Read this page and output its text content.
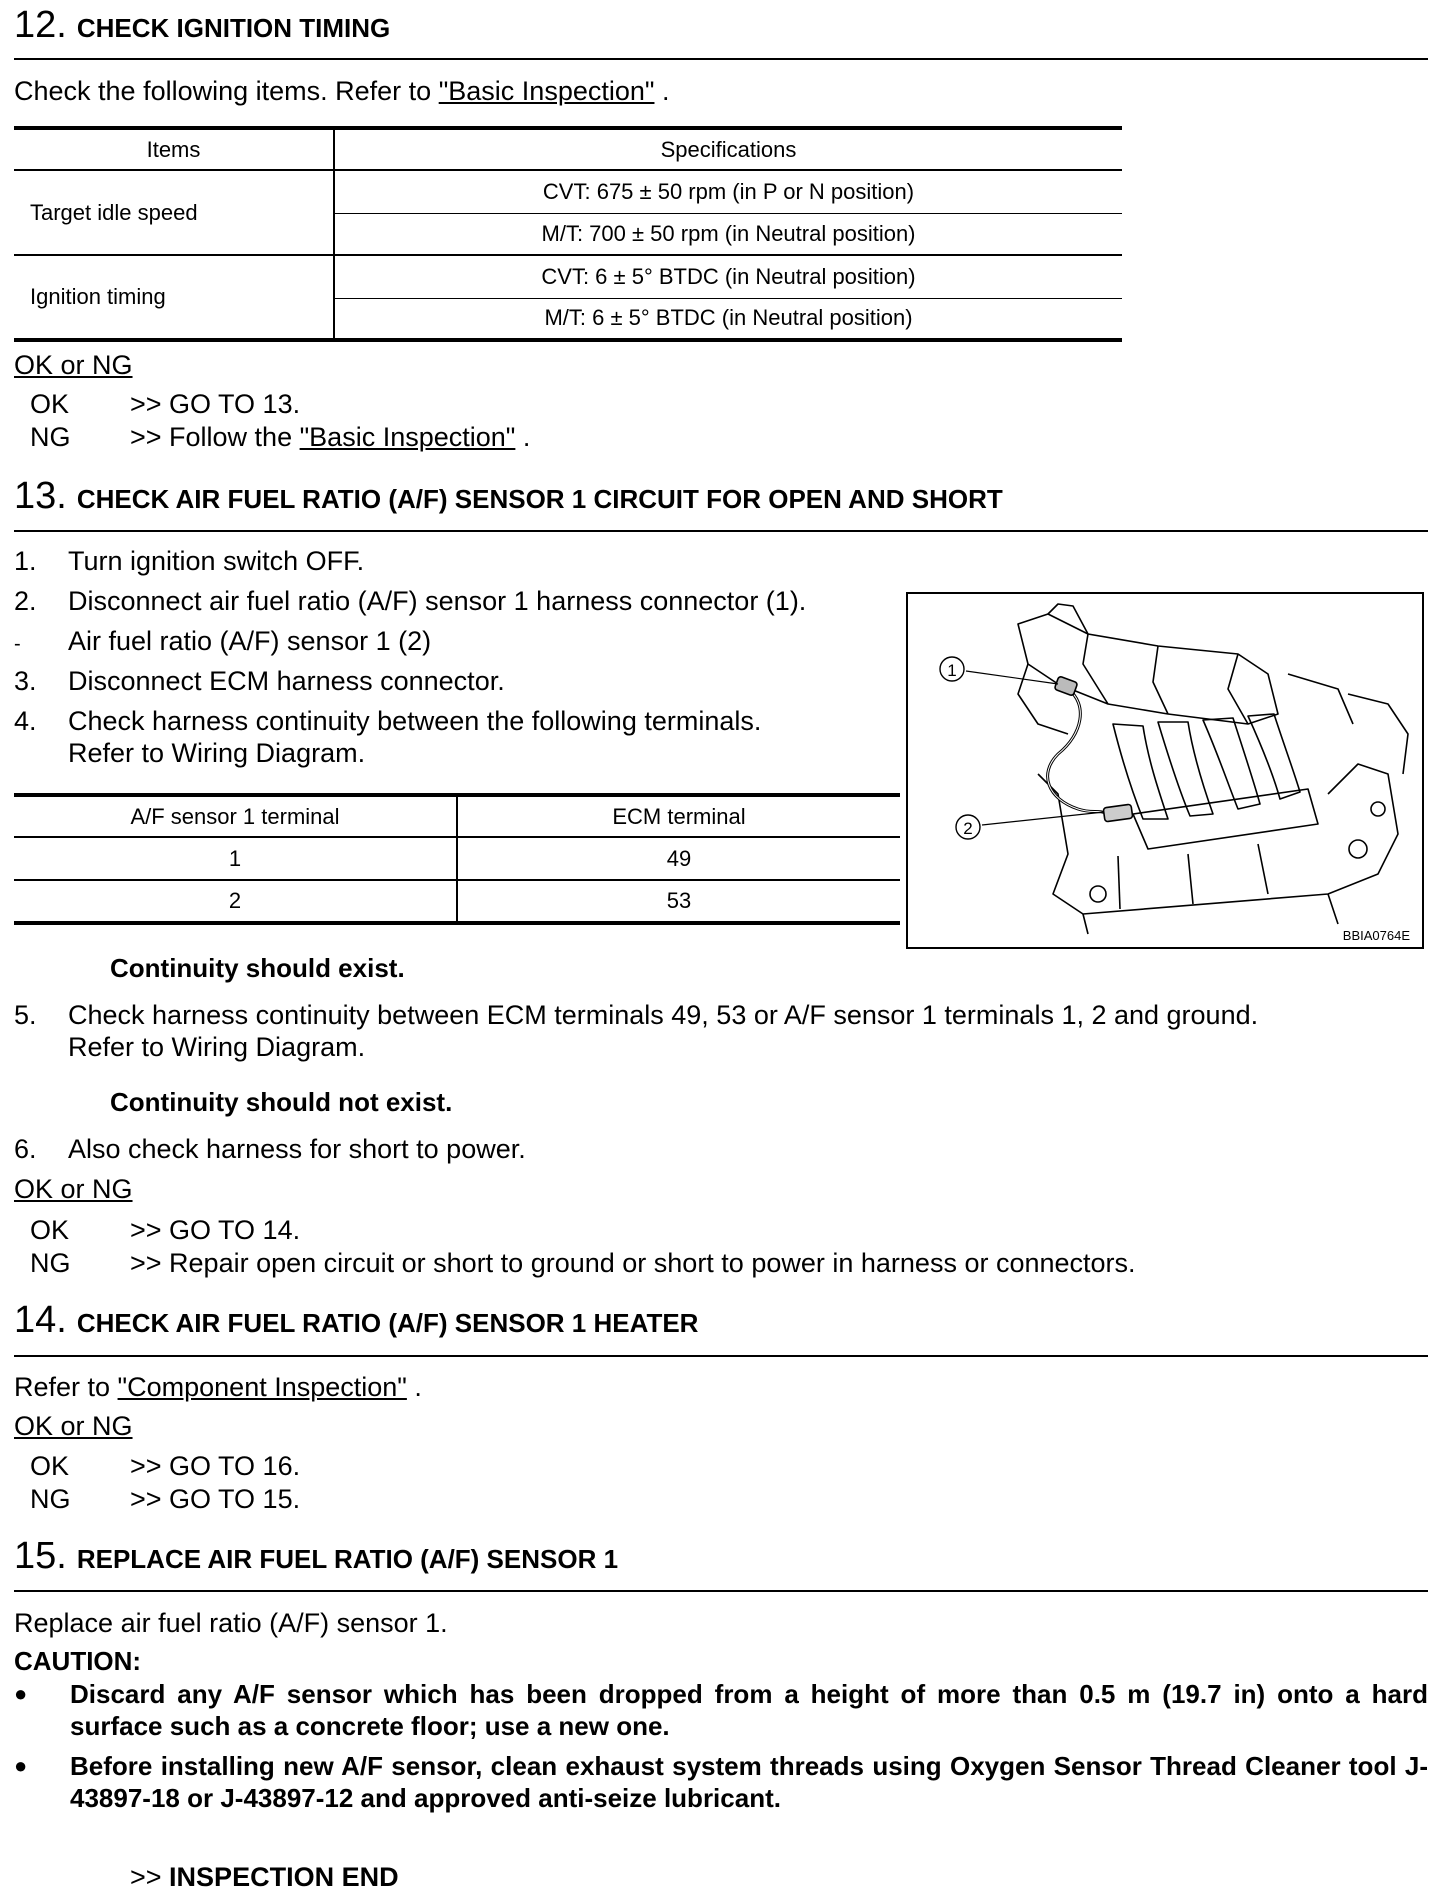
12. CHECK IGNITION TIMING
Check the following items. Refer to "Basic Inspection" .
Items	Specifications
Target idle speed	CVT: 675 ± 50 rpm (in P or N position)
	M/T: 700 ± 50 rpm (in Neutral position)
Ignition timing	CVT: 6 ± 5° BTDC (in Neutral position)
	M/T: 6 ± 5° BTDC (in Neutral position)
OK or NG
OK >> GO TO 13.
NG >> Follow the "Basic Inspection" .
13. CHECK AIR FUEL RATIO (A/F) SENSOR 1 CIRCUIT FOR OPEN AND SHORT
1. Turn ignition switch OFF.
2. Disconnect air fuel ratio (A/F) sensor 1 harness connector (1).
- Air fuel ratio (A/F) sensor 1 (2)
3. Disconnect ECM harness connector.
4. Check harness continuity between the following terminals.
Refer to Wiring Diagram.
A/F sensor 1 terminal	ECM terminal
1	49
2	53
Continuity should exist.
1
2
BBIA0764E
5. Check harness continuity between ECM terminals 49, 53 or A/F sensor 1 terminals 1, 2 and ground.
Refer to Wiring Diagram.
Continuity should not exist.
6. Also check harness for short to power.
OK or NG
OK >> GO TO 14.
NG >> Repair open circuit or short to ground or short to power in harness or connectors.
14. CHECK AIR FUEL RATIO (A/F) SENSOR 1 HEATER
Refer to "Component Inspection" .
OK or NG
OK >> GO TO 16.
NG >> GO TO 15.
15. REPLACE AIR FUEL RATIO (A/F) SENSOR 1
Replace air fuel ratio (A/F) sensor 1.
CAUTION:
● Discard any A/F sensor which has been dropped from a height of more than 0.5 m (19.7 in) onto a hard surface such as a concrete floor; use a new one.
● Before installing new A/F sensor, clean exhaust system threads using Oxygen Sensor Thread Cleaner tool J-43897-18 or J-43897-12 and approved anti-seize lubricant.
>> INSPECTION END
